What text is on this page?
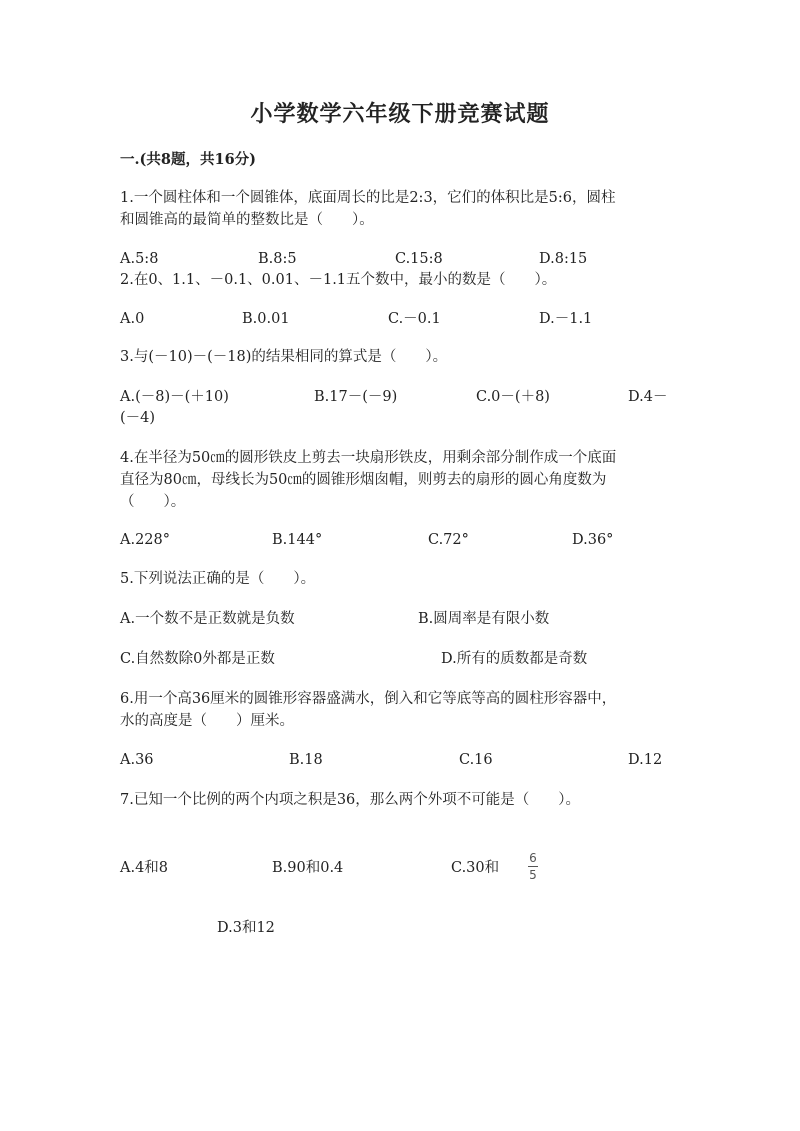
小学数学六年级下册竞赛试题
一.(共8题，共16分)
1.一个圆柱体和一个圆锥体，底面周长的比是2:3，它们的体积比是5:6，圆柱
和圆锥高的最简单的整数比是（　　）。
A.5:8	B.8:5	C.15:8	D.8:15
2.在0、1.1、－0.1、0.01、－1.1五个数中，最小的数是（　　）。
A.0	B.0.01	C.－0.1	D.－1.1
3.与(－10)－(－18)的结果相同的算式是（　　）。
A.(－8)－(＋10)	B.17－(－9)	C.0－(＋8)	D.4－
(－4)
4.在半径为50㎝的圆形铁皮上剪去一块扇形铁皮，用剩余部分制作成一个底面
直径为80㎝，母线长为50㎝的圆锥形烟囱帽，则剪去的扇形的圆心角度数为
（　　）。
A.228°	B.144°	C.72°	D.36°
5.下列说法正确的是（　　）。
A.一个数不是正数就是负数	B.圆周率是有限小数
C.自然数除0外都是正数	D.所有的质数都是奇数
6.用一个高36厘米的圆锥形容器盛满水，倒入和它等底等高的圆柱形容器中，
水的高度是（　　）厘米。
A.36	B.18	C.16	D.12
7.已知一个比例的两个内项之积是36，那么两个外项不可能是（　　）。
A.4和8	B.90和0.4	C.30和
6
5
D.3和12
